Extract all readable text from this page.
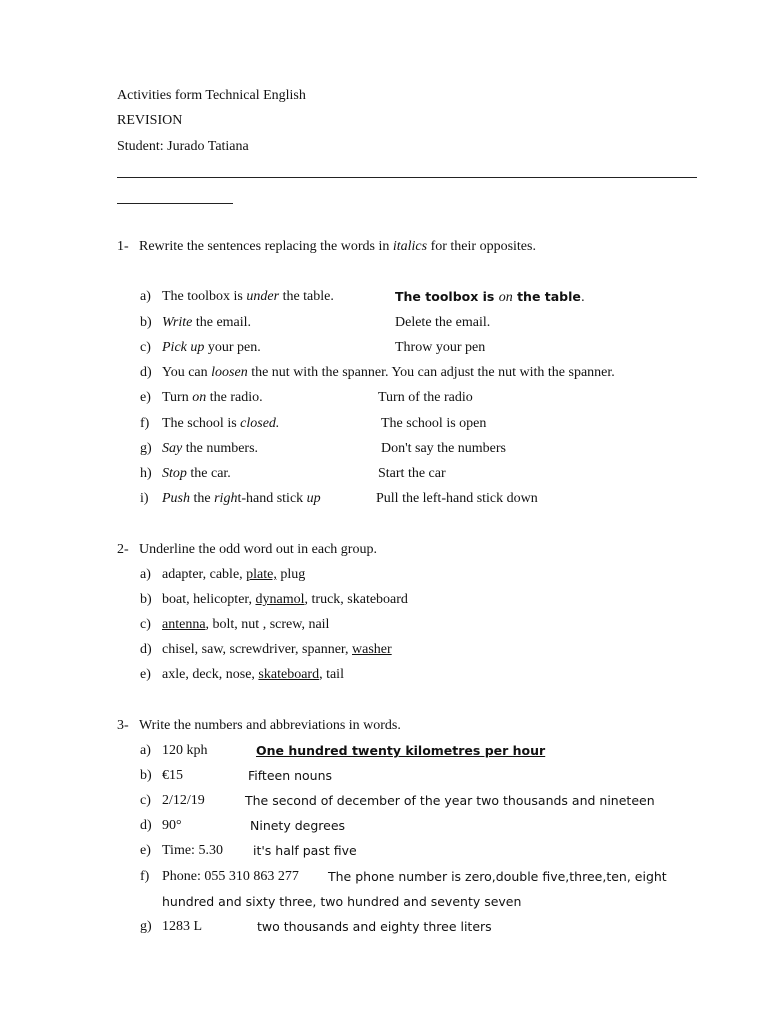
Activities form Technical English
REVISION
Student: Jurado Tatiana
1- Rewrite the sentences replacing the words in italics for their opposites.
a) The toolbox is under the table.	The toolbox is on the table.
b) Write the email.	Delete the email.
c) Pick up your pen.	Throw your pen
d) You can loosen the nut with the spanner. You can adjust the nut with the spanner.
e) Turn on the radio.	Turn of the radio
f) The school is closed.	The school is open
g) Say the numbers.	Don't say the numbers
h) Stop the car.	Start the car
i) Push the right-hand stick up	Pull the left-hand stick down
2- Underline the odd word out in each group.
a) adapter, cable, plate, plug
b) boat, helicopter, dynamol, truck, skateboard
c) antenna, bolt, nut , screw, nail
d) chisel, saw, screwdriver, spanner, washer
e) axle, deck, nose, skateboard, tail
3- Write the numbers and abbreviations in words.
a) 120 kph	One hundred twenty kilometres per hour
b) €15	Fifteen nouns
c) 2/12/19	The second of december of the year two thousands and nineteen
d) 90°	Ninety degrees
e) Time: 5.30 it's half past five
f) Phone: 055 310 863 277 The phone number is zero,double five,three,ten, eight
hundred and sixty three, two hundred and seventy seven
g) 1283 L	two thousands and eighty three liters
